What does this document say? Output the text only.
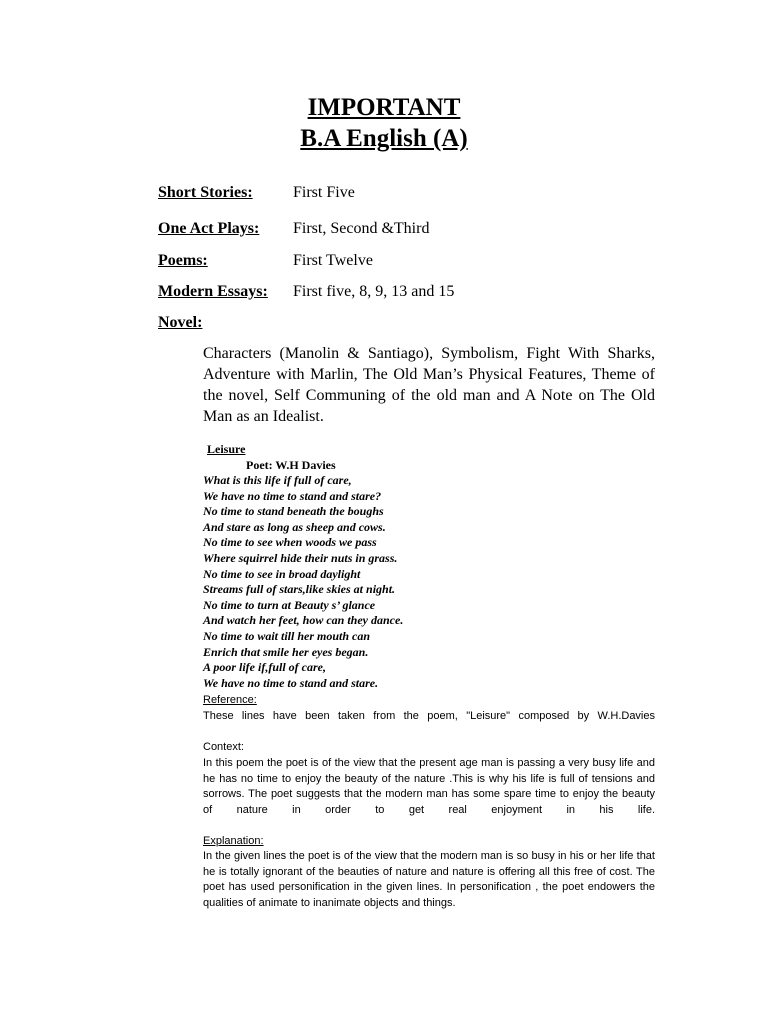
IMPORTANT
B.A English (A)
Short Stories:	First Five
One Act Plays: First, Second &Third
Poems:	First Twelve
Modern Essays: First five, 8, 9, 13 and 15
Novel:
Characters (Manolin & Santiago), Symbolism, Fight With Sharks, Adventure with Marlin, The Old Man’s Physical Features, Theme of the novel, Self Communing of the old man and A Note on The Old Man as an Idealist.
Leisure
Poet: W.H Davies
What is this life if full of care,
We have no time to stand and stare?
No time to stand beneath the boughs
And stare as long as sheep and cows.
No time to see when woods we pass
Where squirrel hide their nuts in grass.
No time to see in broad daylight
Streams full of stars,like skies at night.
No time to turn at Beauty s’ glance
And watch her feet, how can they dance.
No time to wait till her mouth can
Enrich that smile her eyes began.
A poor life if,full of care,
We have no time to stand and stare.
Reference:
These lines have been taken from the poem, "Leisure" composed by W.H.Davies
Context:
In this poem the poet is of the view that the present age man is passing a very busy life and he has no time to enjoy the beauty of the nature .This is why his life is full of tensions and sorrows. The poet suggests that the modern man has some spare time to enjoy the beauty of nature in order to get real enjoyment in his life.
Explanation:
In the given lines the poet is of the view that the modern man is so busy in his or her life that he is totally ignorant of the beauties of nature and nature is offering all this free of cost. The poet has used personification in the given lines. In personification , the poet endowers the qualities of animate to inanimate objects and things.
